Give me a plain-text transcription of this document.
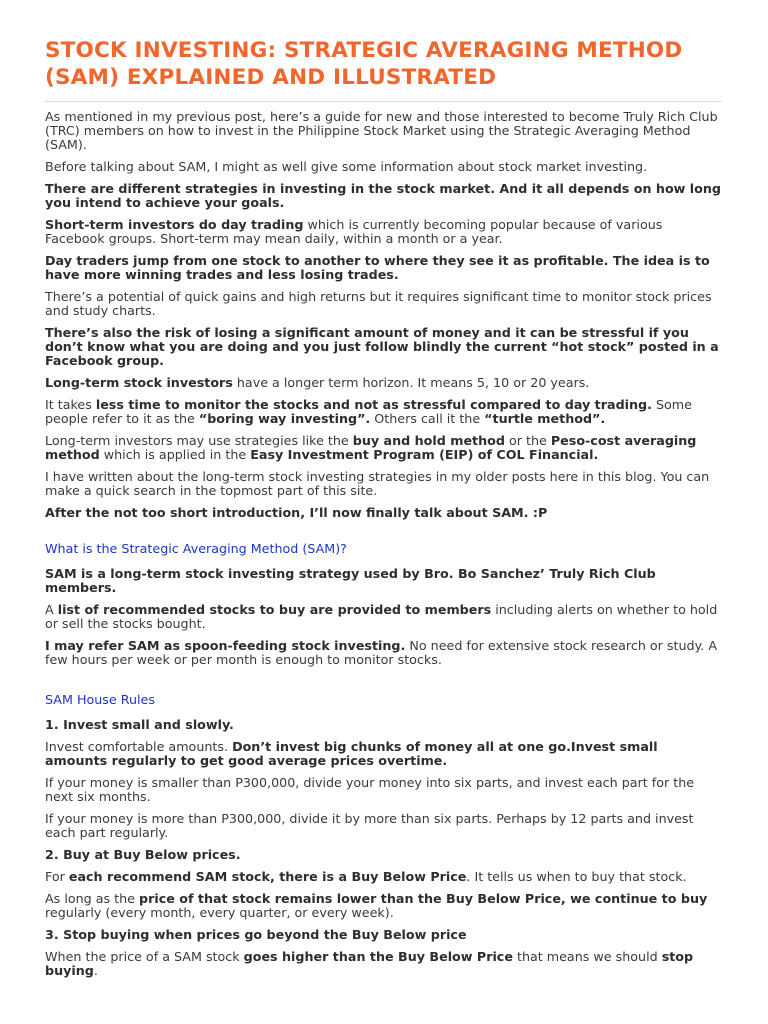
STOCK INVESTING: STRATEGIC AVERAGING METHOD (SAM) EXPLAINED AND ILLUSTRATED

As mentioned in my previous post, here’s a guide for new and those interested to become Truly Rich Club (TRC) members on how to invest in the Philippine Stock Market using the Strategic Averaging Method (SAM).

Before talking about SAM, I might as well give some information about stock market investing.

There are different strategies in investing in the stock market. And it all depends on how long you intend to achieve your goals.

Short-term investors do day trading which is currently becoming popular because of various Facebook groups. Short-term may mean daily, within a month or a year.

Day traders jump from one stock to another to where they see it as profitable. The idea is to have more winning trades and less losing trades.

There’s a potential of quick gains and high returns but it requires significant time to monitor stock prices and study charts.

There’s also the risk of losing a significant amount of money and it can be stressful if you don’t know what you are doing and you just follow blindly the current “hot stock” posted in a Facebook group.

Long-term stock investors have a longer term horizon. It means 5, 10 or 20 years.

It takes less time to monitor the stocks and not as stressful compared to day trading. Some people refer to it as the “boring way investing”. Others call it the “turtle method”.

Long-term investors may use strategies like the buy and hold method or the Peso-cost averaging method which is applied in the Easy Investment Program (EIP) of COL Financial.

I have written about the long-term stock investing strategies in my older posts here in this blog. You can make a quick search in the topmost part of this site.

After the not too short introduction, I’ll now finally talk about SAM. :P

What is the Strategic Averaging Method (SAM)?

SAM is a long-term stock investing strategy used by Bro. Bo Sanchez’ Truly Rich Club members.

A list of recommended stocks to buy are provided to members including alerts on whether to hold or sell the stocks bought.

I may refer SAM as spoon-feeding stock investing. No need for extensive stock research or study. A few hours per week or per month is enough to monitor stocks.

SAM House Rules

1. Invest small and slowly.

Invest comfortable amounts. Don’t invest big chunks of money all at one go.Invest small amounts regularly to get good average prices overtime.

If your money is smaller than P300,000, divide your money into six parts, and invest each part for the next six months.

If your money is more than P300,000, divide it by more than six parts. Perhaps by 12 parts and invest each part regularly.

2. Buy at Buy Below prices.

For each recommend SAM stock, there is a Buy Below Price. It tells us when to buy that stock.

As long as the price of that stock remains lower than the Buy Below Price, we continue to buy regularly (every month, every quarter, or every week).

3. Stop buying when prices go beyond the Buy Below price

When the price of a SAM stock goes higher than the Buy Below Price that means we should stop buying.
